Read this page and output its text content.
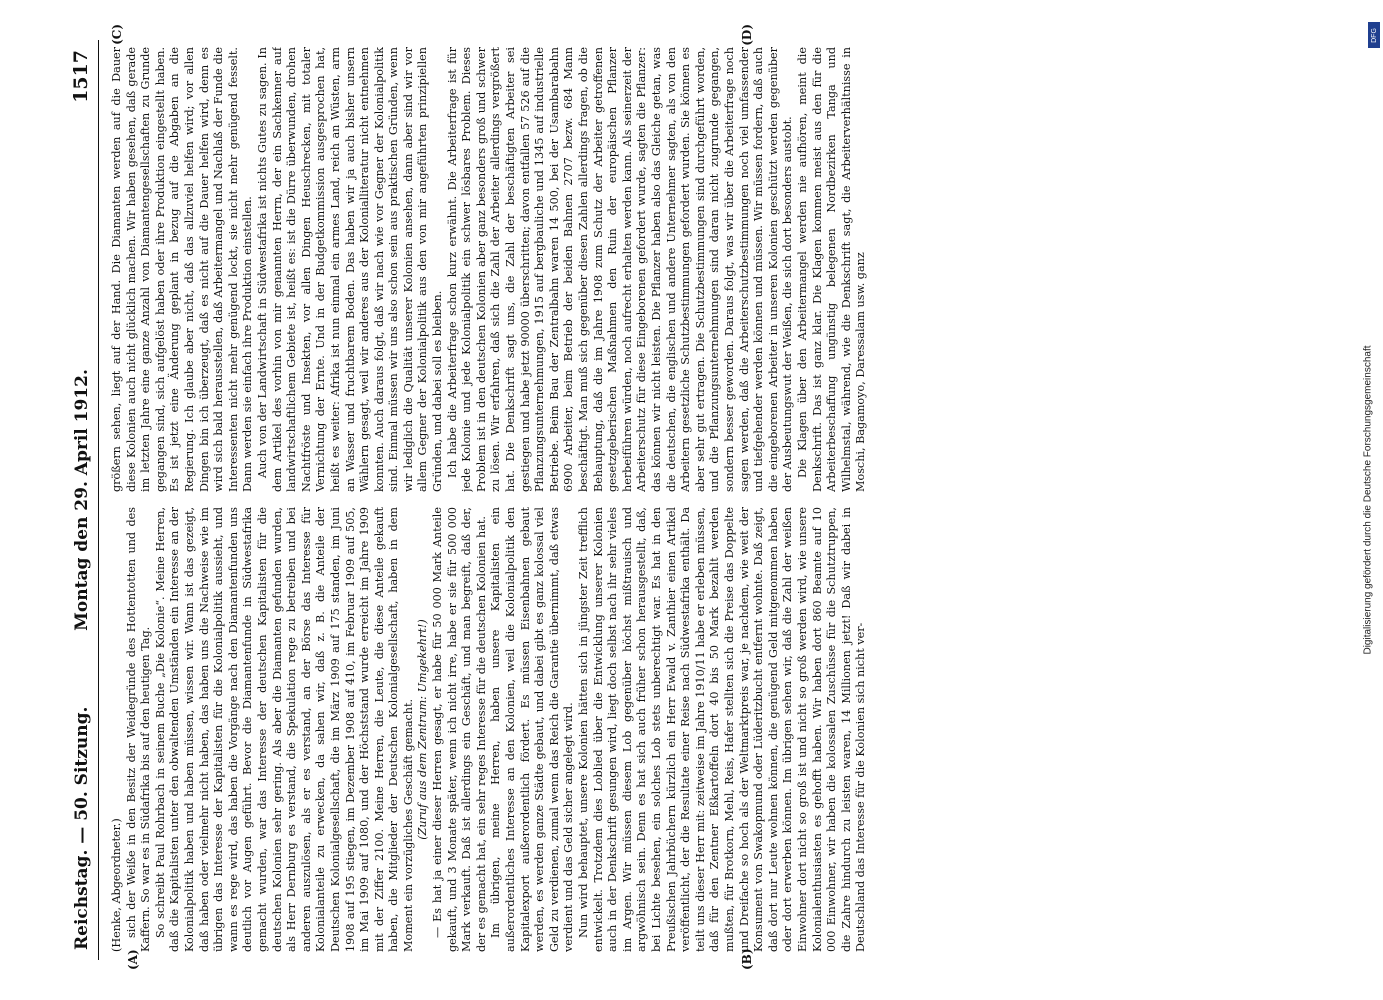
Reichstag. — 50. Sitzung.
Montag den 29. April 1912.
1517
(A)	(B)
(C)	(D)

(Henke, Abgeordneter.) sich der Weiße in den Besitz der Weidegründe des Hottentotten und des Kaffern. So war es in Südafrika bis auf den heutigen Tag. So schreibt Paul Rohrbach in seinem Buche „Die Kolonie“. Meine Herren, daß die Kapitalisten unter den obwaltenden Umständen ein Interesse an der Kolonialpolitik haben und haben müssen, wissen wir. Wann ist das gezeigt, daß haben oder vielmehr nicht haben, das haben uns die Nachweise wie im übrigen das Interesse der Kapitalisten für die Kolonialpolitik aussieht, und wann es rege wird, das haben die Vorgänge nach den Diamantenfunden uns deutlich vor Augen geführt. Bevor die Diamantenfunde in Südwestafrika gemacht wurden, war das Interesse der deutschen Kapitalisten für die deutschen Kolonien sehr gering. Als aber die Diamanten gefunden wurden, als Herr Dernburg es verstand, die Spekulation rege zu betreiben und bei anderen auszulösen, als er es verstand, an der Börse das Interesse für Kolonialanteile zu erwecken, da sahen wir, daß z. B. die Anteile der Deutschen Kolonialgesellschaft, die im März 1909 auf 175 standen, im Juni 1908 auf 195 stiegen, im Dezember 1908 auf 410, im Februar 1909 auf 505, im Mai 1909 auf 1080, und der Höchststand wurde erreicht im Jahre 1909 mit der Ziffer 2100. Meine Herren, die Leute, die diese Anteile gekauft haben, die Mitglieder der Deutschen Kolonialgesellschaft, haben in dem Moment ein vorzügliches Geschäft gemacht. (Zuruf aus dem Zentrum: Umgekehrt!) — Es hat ja einer dieser Herren gesagt, er habe für 50 000 Mark Anteile gekauft, und 3 Monate später, wenn ich nicht irre, habe er sie für 500 000 Mark verkauft. Daß ist allerdings ein Geschäft, und man begreift, daß der, der es gemacht hat, ein sehr reges Interesse für die deutschen Kolonien hat. Im übrigen, meine Herren, haben unsere Kapitalisten ein außerordentliches Interesse an den Kolonien, weil die Kolonialpolitik den Kapitalexport außerordentlich fördert. Es müssen Eisenbahnen gebaut werden, es werden ganze Städte gebaut, und dabei gibt es ganz kolossal viel Geld zu verdienen, zumal wenn das Reich die Garantie übernimmt, daß etwas verdient und das Geld sicher angelegt wird. Nun wird behauptet, unsere Kolonien hätten sich in jüngster Zeit trefflich entwickelt. Trotzdem dies Loblied über die Entwicklung unserer Kolonien auch in der Denkschrift gesungen wird, liegt doch selbst nach ihr sehr vieles im Argen. Wir müssen diesem Lob gegenüber höchst mißtrauisch und argwöhnisch sein. Denn es hat sich auch früher schon herausgestellt, daß, bei Lichte besehen, ein solches Lob stets unberechtigt war. Es hat in den Preußischen Jahrbüchern kürzlich ein Herr Ewald v. Zanthier einen Artikel veröffentlicht, der die Resultate einer Reise nach Südwestafrika enthält. Da teilt uns dieser Herr mit: zeitweise im Jahre 1910/11 habe er erleben müssen, daß für den Zentner Eßkartoffeln dort 40 bis 50 Mark bezahlt werden mußten, für Brotkorn, Mehl, Reis, Hafer stellten sich die Preise das Doppelte und Dreifache so hoch als der Weltmarktpreis war, je nachdem, wie weit der Konsument von Swakopmund oder Lüderitzbucht entfernt wohnte. Daß zeigt, daß dort nur Leute wohnen können, die genügend Geld mitgenommen haben oder dort erwerben können. Im übrigen sehen wir, daß die Zahl der weißen Einwohner dort nicht so groß ist und nicht so groß werden wird, wie unsere Kolonialenthusiasten es gehofft haben. Wir haben dort 860 Beamte auf 10 000 Einwohner, wir haben die kolossalen Zuschüsse für die Schutztruppen, die Zahre hindurch zu leisten waren, 14 Millionen jetzt! Daß wir dabei in Deutschland das Interesse für die Kolonien sich nicht ver-

größern sehen, liegt auf der Hand. Die Diamanten werden auf die Dauer diese Kolonien auch nicht glücklich machen. Wir haben gesehen, daß gerade im letzten Jahre eine ganze Anzahl von Diamantengesellschaften zu Grunde gegangen sind, sich aufgelöst haben oder ihre Produktion eingestellt haben. Es ist jetzt eine Änderung geplant in bezug auf die Abgaben an die Regierung. Ich glaube aber nicht, daß das allzuviel helfen wird; vor allen Dingen bin ich überzeugt, daß es nicht auf die Dauer helfen wird, denn es wird sich bald herausstellen, daß Arbeitermangel und Nachlaß der Funde die Interessenten nicht mehr genügend lockt, sie nicht mehr genügend fesselt. Dann werden sie einfach ihre Produktion einstellen. Auch von der Landwirtschaft in Südwestafrika ist nichts Gutes zu sagen. In dem Artikel des vorhin von mir genannten Herrn, der ein Sachkenner auf landwirtschaftlichem Gebiete ist, heißt es: ist die Dürre überwunden, drohen Nachtfröste und Insekten, vor allen Dingen Heuschrecken, mit totaler Vernichtung der Ernte. Und in der Budgetkommission ausgesprochen hat, heißt es weiter: Afrika ist nun einmal ein armes Land, reich an Wüsten, arm an Wasser und fruchtbarem Boden. Das haben wir ja auch bisher unsern Wählern gesagt, weil wir anderes aus der Kolonialliteratur nicht entnehmen konnten. Auch daraus folgt, daß wir nach wie vor Gegner der Kolonialpolitik sind. Einmal müssen wir uns also schon sein aus praktischen Gründen, wenn wir lediglich die Qualität unserer Kolonien ansehen, dann aber sind wir vor allem Gegner der Kolonialpolitik aus den von mir angeführten prinzipiellen Gründen, und dabei soll es bleiben. Ich habe die Arbeiterfrage schon kurz erwähnt. Die Arbeiterfrage ist für jede Kolonie und jede Kolonialpolitik ein schwer lösbares Problem. Dieses Problem ist in den deutschen Kolonien aber ganz besonders groß und schwer zu lösen. Wir erfahren, daß sich die Zahl der Arbeiter allerdings vergrößert hat. Die Denkschrift sagt uns, die Zahl der beschäftigten Arbeiter sei gestiegen und habe jetzt 90000 überschritten; davon entfallen 57 526 auf die Pflanzungsunternehmungen, 1915 auf bergbauliche und 1345 auf industrielle Betriebe. Beim Bau der Zentralbahn waren 14 500, bei der Usambarabahn 6900 Arbeiter, beim Betrieb der beiden Bahnen 2707 bezw. 684 Mann beschäftigt. Man muß sich gegenüber diesen Zahlen allerdings fragen, ob die Behauptung, daß die im Jahre 1908 zum Schutz der Arbeiter getroffenen gesetzgeberischen Maßnahmen den Ruin der europäischen Pflanzer herbeiführen würden, noch aufrecht erhalten werden kann. Als seinerzeit der Arbeiterschutz für diese Eingeborenen gefordert wurde, sagten die Pflanzer: das können wir nicht leisten. Die Pflanzer haben also das Gleiche getan, was die deutschen, die englischen und andere Unternehmer sagten, als von den Arbeitern gesetzliche Schutzbestimmungen gefordert wurden. Sie können es aber sehr gut ertragen. Die Schutzbestimmungen sind durchgeführt worden, und die Pflanzungsunternehmungen sind daran nicht zugrunde gegangen, sondern besser geworden. Daraus folgt, was wir über die Arbeiterfrage noch sagen werden, daß die Arbeiterschutzbestimmungen noch viel umfassender und tiefgehender werden können und müssen. Wir müssen fordern, daß auch die eingeborenen Arbeiter in unseren Kolonien geschützt werden gegenüber der Ausbeutungswut der Weißen, die sich dort besonders austobt. Die Klagen über den Arbeitermangel werden nie aufhören, meint die Denkschrift. Das ist ganz klar. Die Klagen kommen meist aus den für die Arbeiterbeschaffung ungünstig belegenen Nordbezirken Tanga und Wilhelmstal, während, wie die Denkschrift sagt, die Arbeiterverhältnisse in Moschi, Bagamoyo, Daressalam usw. ganz

DFG
Digitalisierung gefördert durch die Deutsche Forschungsgemeinschaft
